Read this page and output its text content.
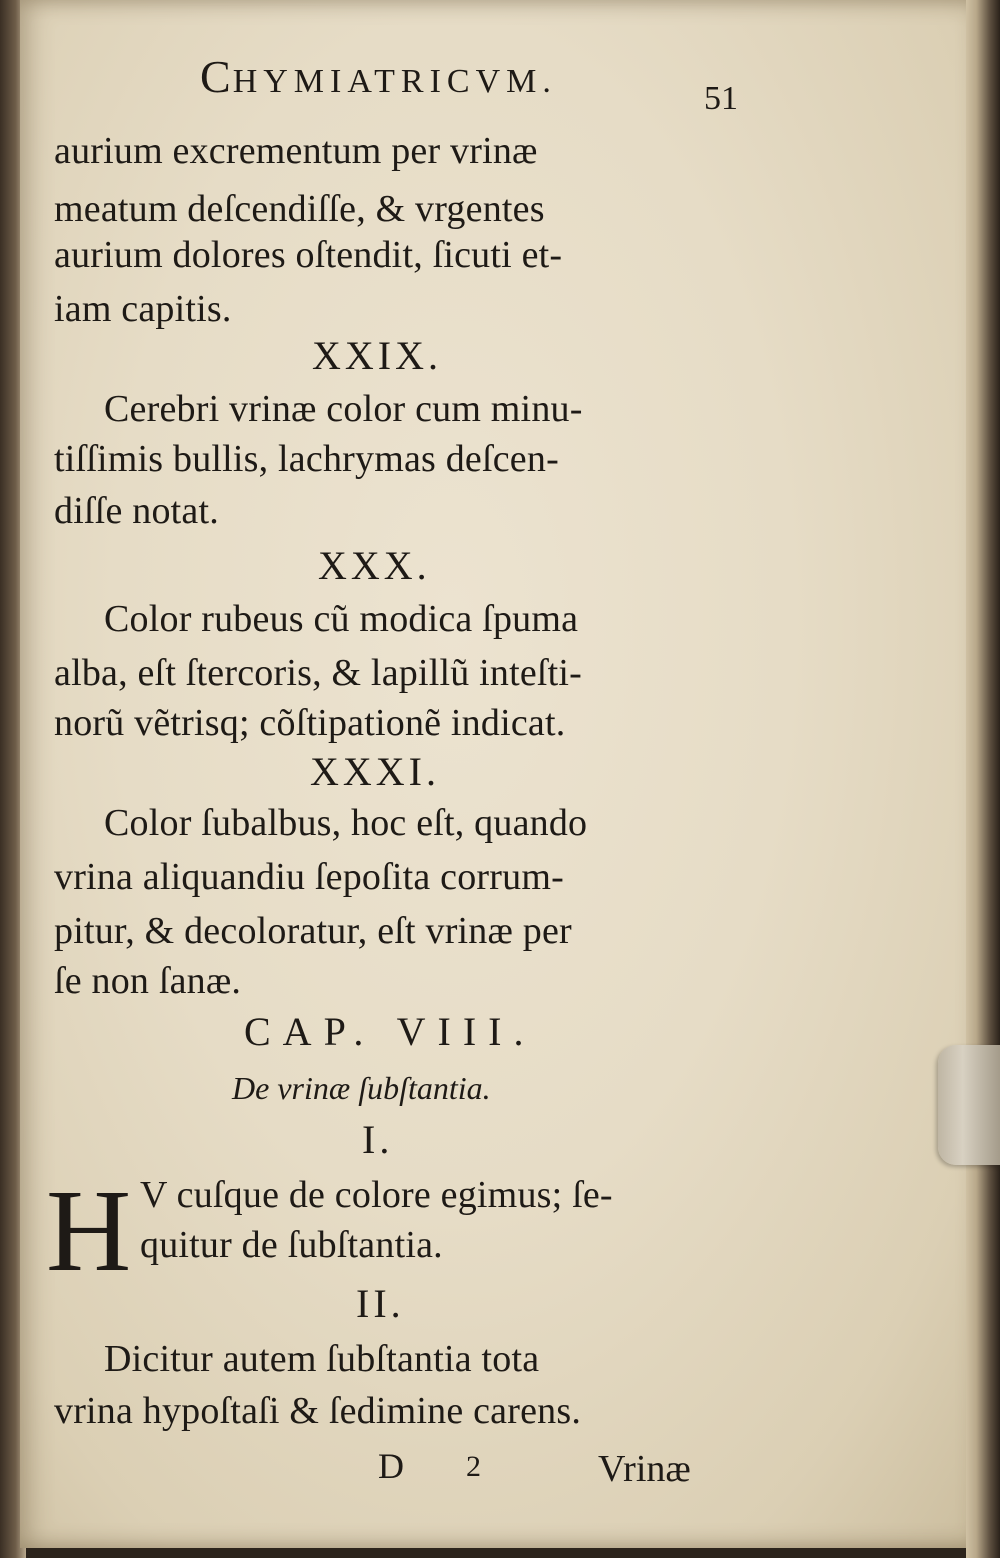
CHYMIATRICVM.	51
aurium excrementum per vrinæ
meatum deſcendiſſe, & vrgentes
aurium dolores oſtendit, ſicuti et-
iam capitis.
XXIX.
Cerebri vrinæ color cum minu-
tiſſimis bullis, lachrymas deſcen-
diſſe notat.
XXX.
Color rubeus cũ modica ſpuma
alba, eſt ſtercoris, & lapillũ inteſti-
norũ vẽtrisq; cõſtipationẽ indicat.
XXXI.
Color ſubalbus, hoc eſt, quando
vrina aliquandiu ſepoſita corrum-
pitur, & decoloratur, eſt vrinæ per
ſe non ſanæ.
CAP. VIII.
De vrinæ ſubſtantia.
I.
H V cuſque de colore egimus; ſe-
quitur de ſubſtantia.
II.
Dicitur autem ſubſtantia tota
vrina hypoſtaſi & ſedimine carens.
D 2	Vrinæ
